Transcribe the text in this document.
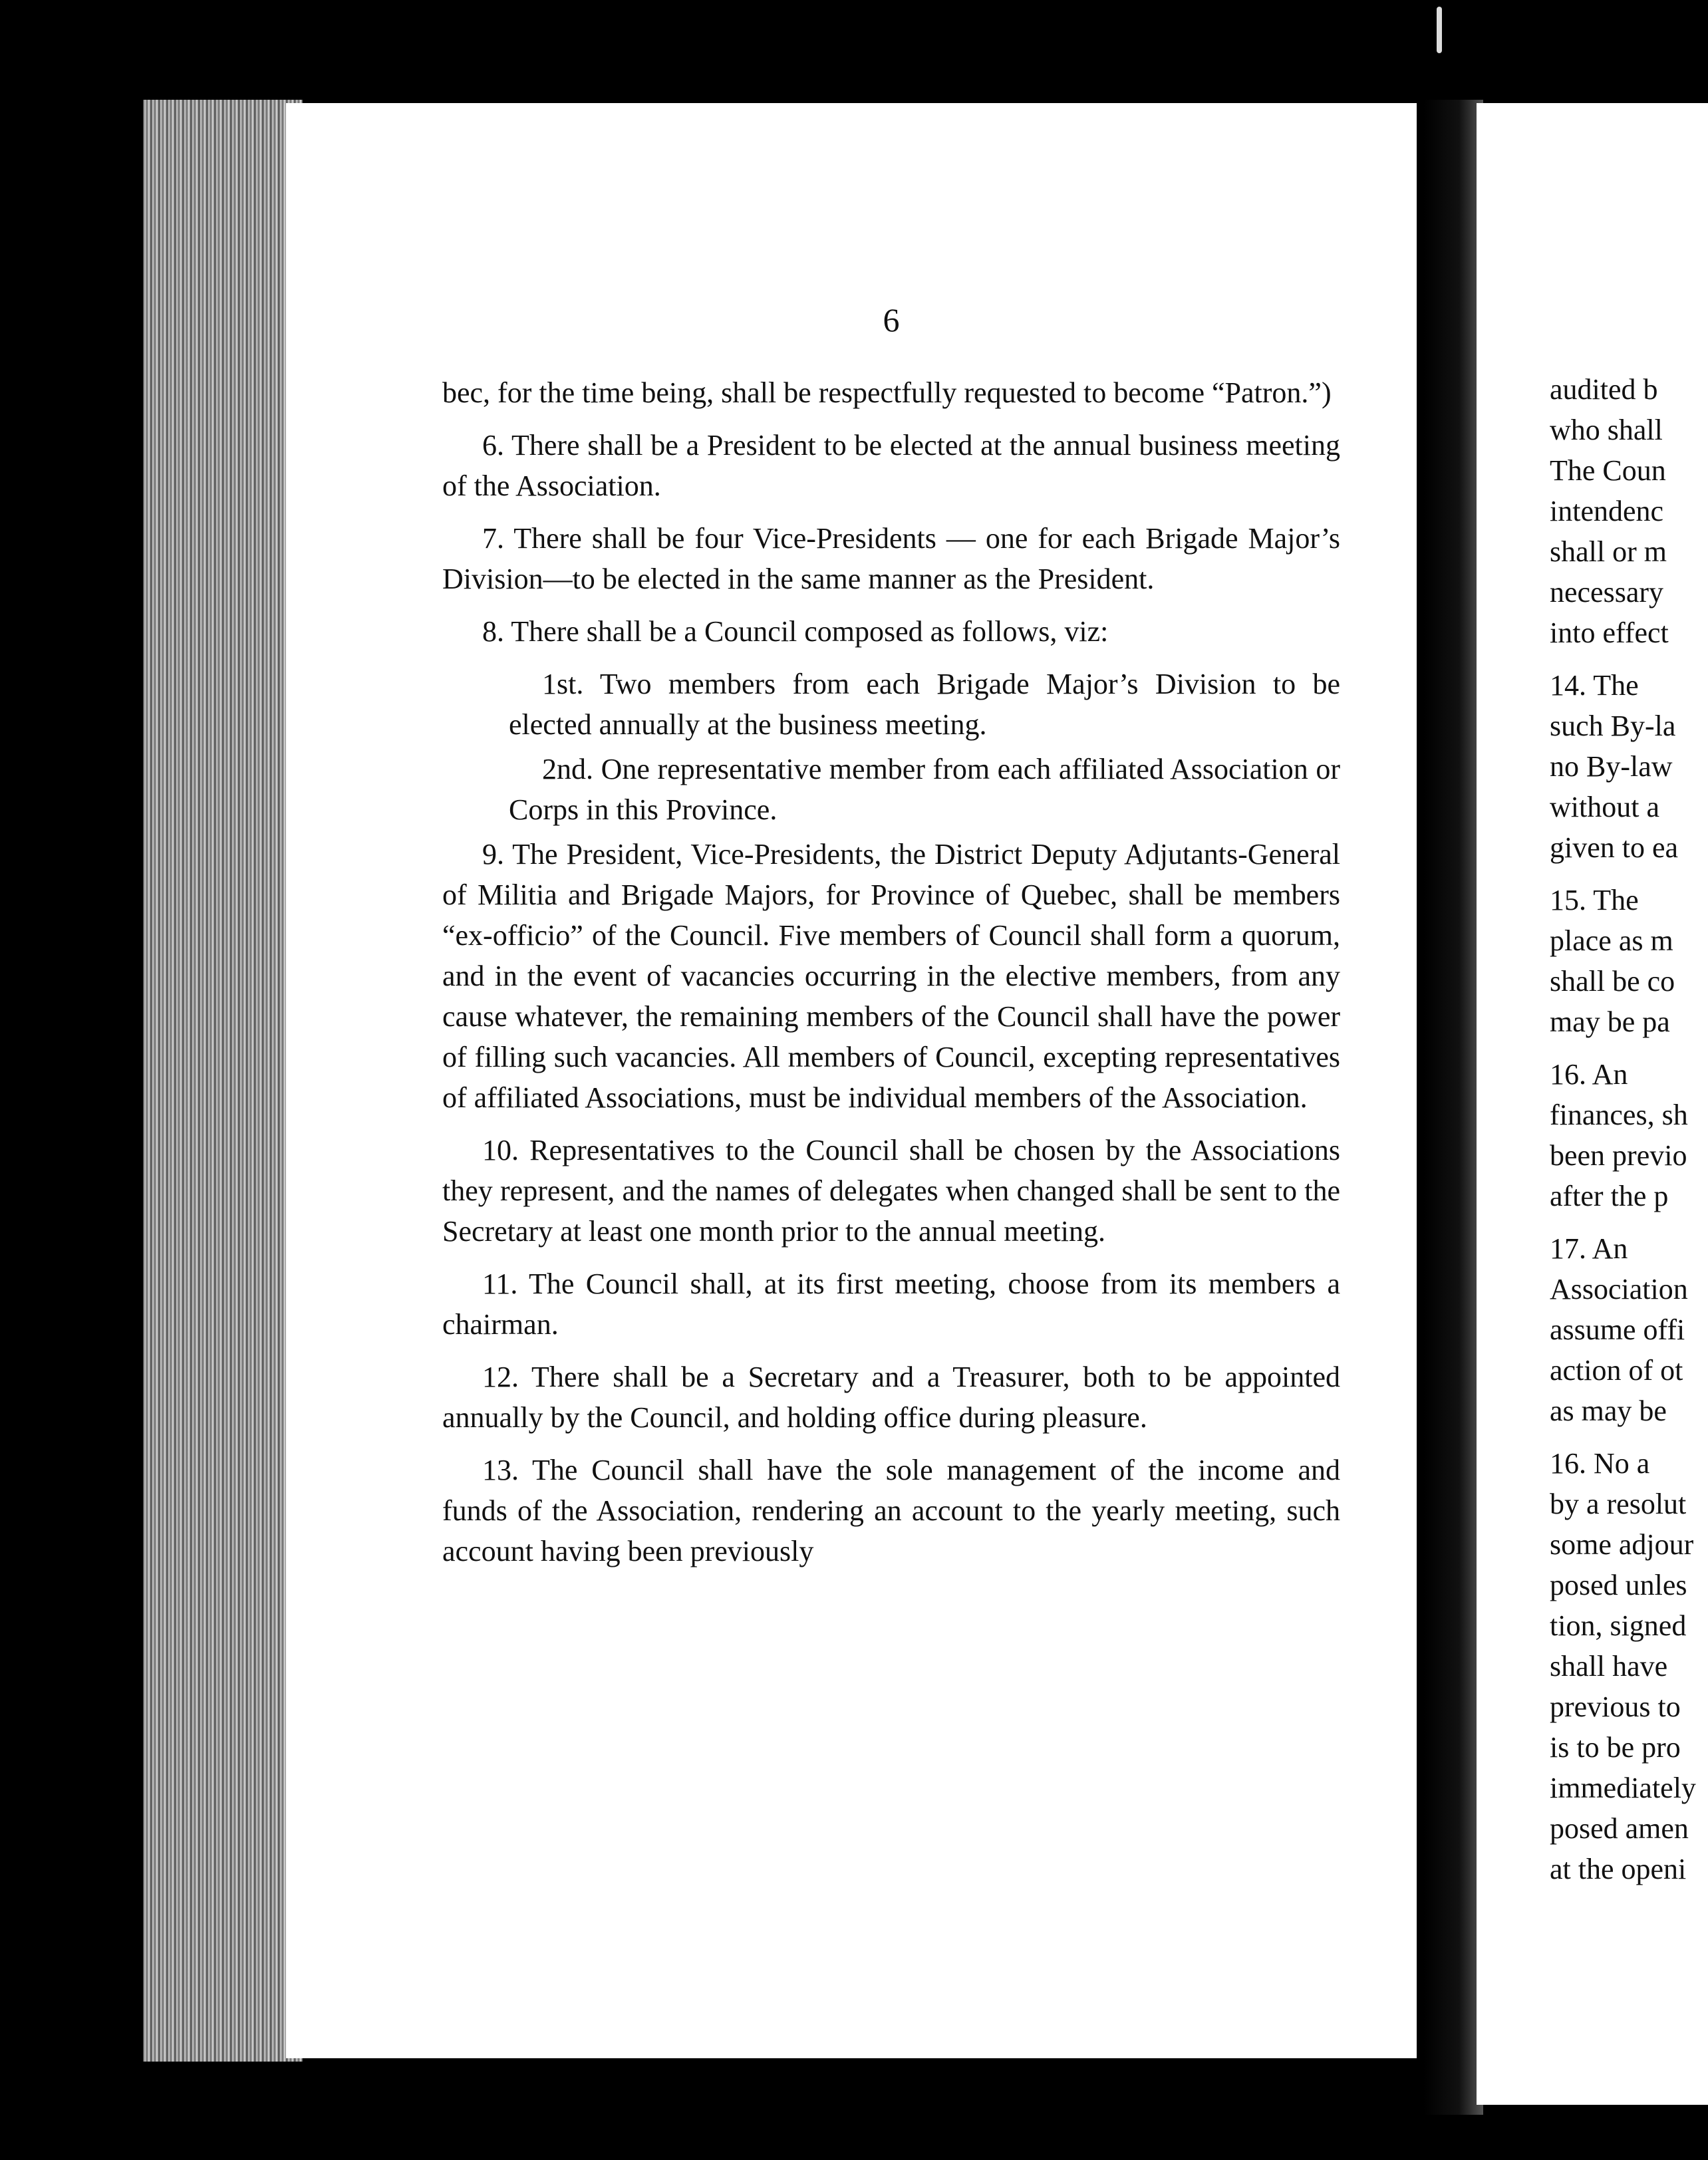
6

bec, for the time being, shall be respectfully requested to become “Patron.”)

6. There shall be a President to be elected at the annual business meeting of the Association.

7. There shall be four Vice-Presidents — one for each Brigade Major’s Division—to be elected in the same manner as the President.

8. There shall be a Council composed as follows, viz:

1st. Two members from each Brigade Major’s Division to be elected annually at the business meeting.

2nd. One representative member from each affiliated Association or Corps in this Province.

9. The President, Vice-Presidents, the District Deputy Adjutants-General of Militia and Brigade Majors, for Province of Quebec, shall be members “ex-officio” of the Council. Five members of Council shall form a quorum, and in the event of vacancies occurring in the elective members, from any cause whatever, the remaining members of the Council shall have the power of filling such vacancies. All members of Council, excepting representatives of affiliated Associations, must be individual members of the Association.

10. Representatives to the Council shall be chosen by the Associations they represent, and the names of delegates when changed shall be sent to the Secretary at least one month prior to the annual meeting.

11. The Council shall, at its first meeting, choose from its members a chairman.

12. There shall be a Secretary and a Treasurer, both to be appointed annually by the Council, and holding office during pleasure.

13. The Council shall have the sole management of the income and funds of the Association, rendering an account to the yearly meeting, such account having been previously

audited b
who shall
The Coun
intendenc
shall or m
necessary
into effect
14. The
such By-la
no By-law
without a
given to ea
15. The
place as m
shall be co
may be pa
16. An
finances, sh
been previo
after the p
17. An
Association
assume offi
action of ot
as may be
16. No a
by a resolut
some adjour
posed unles
tion, signed
shall have
previous to
is to be pro
immediately
posed amen
at the openi
